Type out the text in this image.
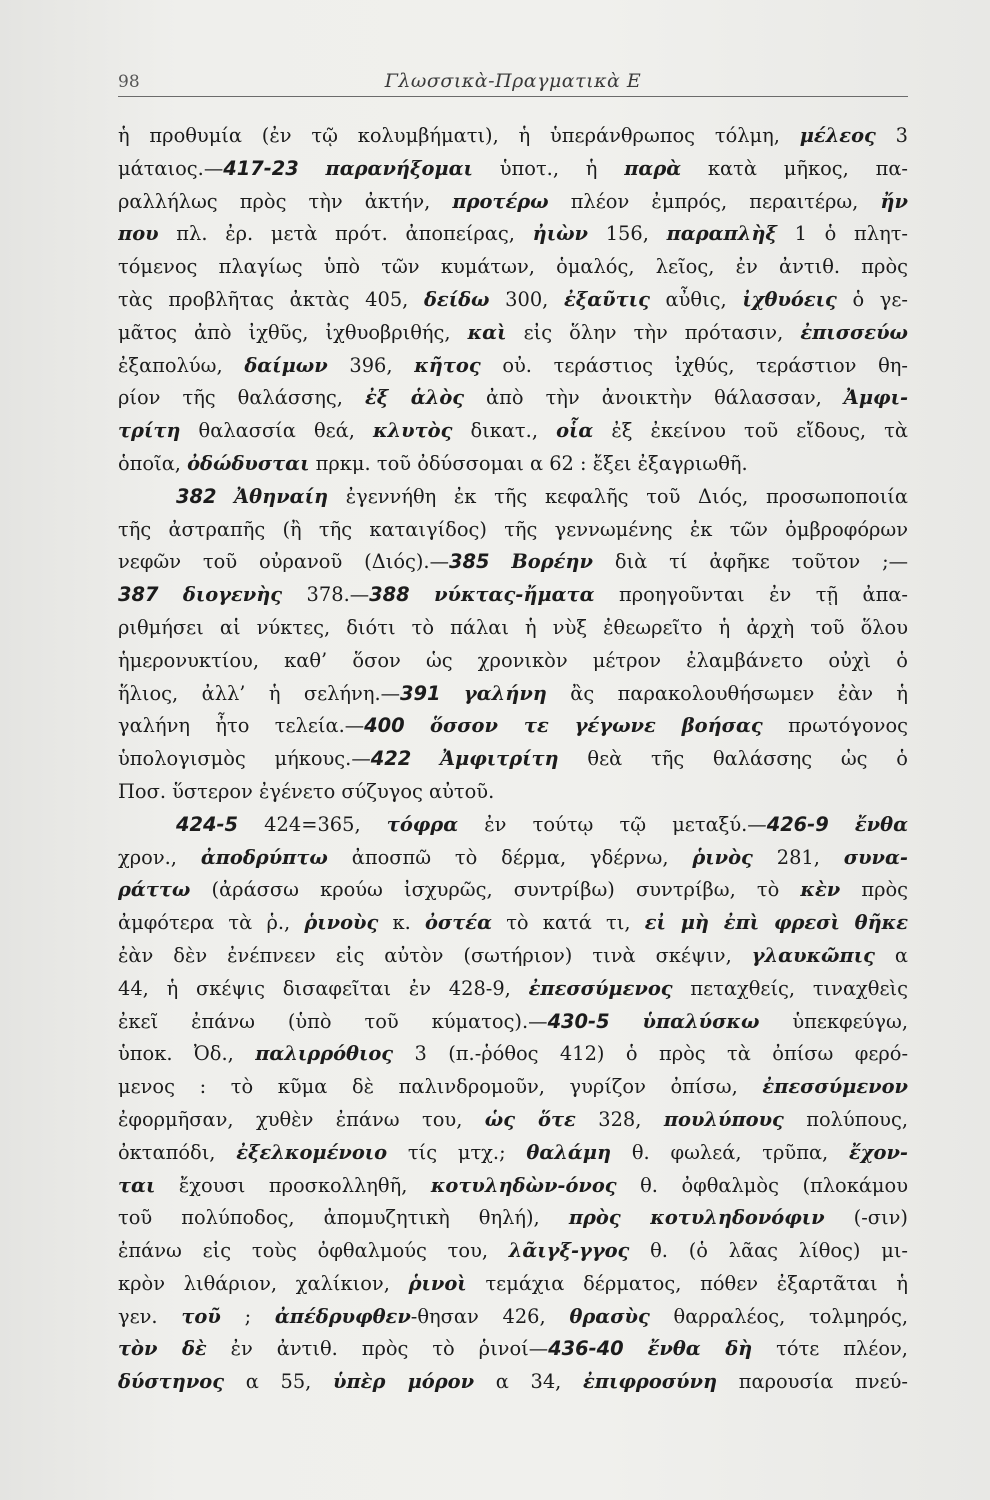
98	Γλωσσικὰ-Πραγματικὰ Ε
ἡ προθυμία (ἐν τῷ κολυμβήματι), ἡ ὑπεράνθρωπος τόλμη, μέλεος 3
μάταιος.—417-23 παρανήξομαι ὑποτ., ἡ παρὰ κατὰ μῆκος, πα-
ραλλήλως πρὸς τὴν ἀκτήν, προτέρω πλέον ἐμπρός, περαιτέρω, ἤν
που πλ. ἐρ. μετὰ πρότ. ἀποπείρας, ἠιὼν 156, παραπλὴξ 1 ὁ πλητ-
τόμενος πλαγίως ὑπὸ τῶν κυμάτων, ὁμαλός, λεῖος, ἐν ἀντιθ. πρὸς
τὰς προβλῆτας ἀκτὰς 405, δείδω 300, ἐξαῦτις αὖθις, ἰχθυόεις ὁ γε-
μᾶτος ἀπὸ ἰχθῦς, ἰχθυοβριθής, καὶ εἰς ὅλην τὴν πρότασιν, ἐπισσεύω
ἐξαπολύω, δαίμων 396, κῆτος οὐ. τεράστιος ἰχθύς, τεράστιον θη-
ρίον τῆς θαλάσσης, ἐξ ἁλὸς ἀπὸ τὴν ἀνοικτὴν θάλασσαν, Ἀμφι-
τρίτη θαλασσία θεά, κλυτὸς δικατ., οἷα ἐξ ἐκείνου τοῦ εἴδους, τὰ
ὁποῖα, ὀδώδυσται πρκμ. τοῦ ὀδύσσομαι α 62 : ἔξει ἐξαγριωθῆ.
382 Ἀθηναίη ἐγεννήθη ἐκ τῆς κεφαλῆς τοῦ Διός, προσωποποιία
τῆς ἀστραπῆς (ἢ τῆς καταιγίδος) τῆς γεννωμένης ἐκ τῶν ὀμβροφόρων
νεφῶν τοῦ οὐρανοῦ (Διός).—385 Βορέην διὰ τί ἀφῆκε τοῦτον ;—
387 διογενὴς 378.—388 νύκτας-ἤματα προηγοῦνται ἐν τῇ ἀπα-
ριθμήσει αἱ νύκτες, διότι τὸ πάλαι ἡ νὺξ ἐθεωρεῖτο ἡ ἀρχὴ τοῦ ὅλου
ἡμερονυκτίου, καθ’ ὅσον ὡς χρονικὸν μέτρον ἐλαμβάνετο οὐχὶ ὁ
ἥλιος, ἀλλ’ ἡ σελήνη.—391 γαλήνη ἂς παρακολουθήσωμεν ἐὰν ἡ
γαλήνη ἦτο τελεία.—400 ὅσσον τε γέγωνε βοήσας πρωτόγονος
ὑπολογισμὸς μήκους.—422 Ἀμφιτρίτη θεὰ τῆς θαλάσσης ὡς ὁ
Ποσ. ὕστερον ἐγένετο σύζυγος αὐτοῦ.
424-5 424=365, τόφρα ἐν τούτῳ τῷ μεταξύ.—426-9 ἔνθα
χρον., ἀποδρύπτω ἀποσπῶ τὸ δέρμα, γδέρνω, ῥινὸς 281, συνα-
ράττω (ἀράσσω κρούω ἰσχυρῶς, συντρίβω) συντρίβω, τὸ κὲν πρὸς
ἀμφότερα τὰ ῥ., ῥινοὺς κ. ὀστέα τὸ κατά τι, εἰ μὴ ἐπὶ φρεσὶ θῆκε
ἐὰν δὲν ἐνέπνεεν εἰς αὐτὸν (σωτήριον) τινὰ σκέψιν, γλαυκῶπις α
44, ἡ σκέψις δισαφεῖται ἐν 428-9, ἐπεσσύμενος πεταχθείς, τιναχθεὶς
ἐκεῖ ἐπάνω (ὑπὸ τοῦ κύματος).—430-5 ὑπαλύσκω ὑπεκφεύγω,
ὑποκ. Ὀδ., παλιρρόθιος 3 (π.-ῥόθος 412) ὁ πρὸς τὰ ὀπίσω φερό-
μενος : τὸ κῦμα δὲ παλινδρομοῦν, γυρίζον ὀπίσω, ἐπεσσύμενον
ἐφορμῆσαν, χυθὲν ἐπάνω του, ὡς ὅτε 328, πουλύπους πολύπους,
ὀκταπόδι, ἐξελκομένοιο τίς μτχ.; θαλάμη θ. φωλεά, τρῦπα, ἔχον-
ται ἔχουσι προσκολληθῆ, κοτυληδὼν-όνος θ. ὀφθαλμὸς (πλοκάμου
τοῦ πολύποδος, ἀπομυζητικὴ θηλή), πρὸς κοτυληδονόφιν (-σιν)
ἐπάνω εἰς τοὺς ὀφθαλμούς του, λᾶιγξ-γγος θ. (ὁ λᾶας λίθος) μι-
κρὸν λιθάριον, χαλίκιον, ῥινοὶ τεμάχια δέρματος, πόθεν ἐξαρτᾶται ἡ
γεν. τοῦ ; ἀπέδρυφθεν-θησαν 426, θρασὺς θαρραλέος, τολμηρός,
τὸν δὲ ἐν ἀντιθ. πρὸς τὸ ῥινοί—436-40 ἔνθα δὴ τότε πλέον,
δύστηνος α 55, ὑπὲρ μόρον α 34, ἐπιφροσύνη παρουσία πνεύ-
